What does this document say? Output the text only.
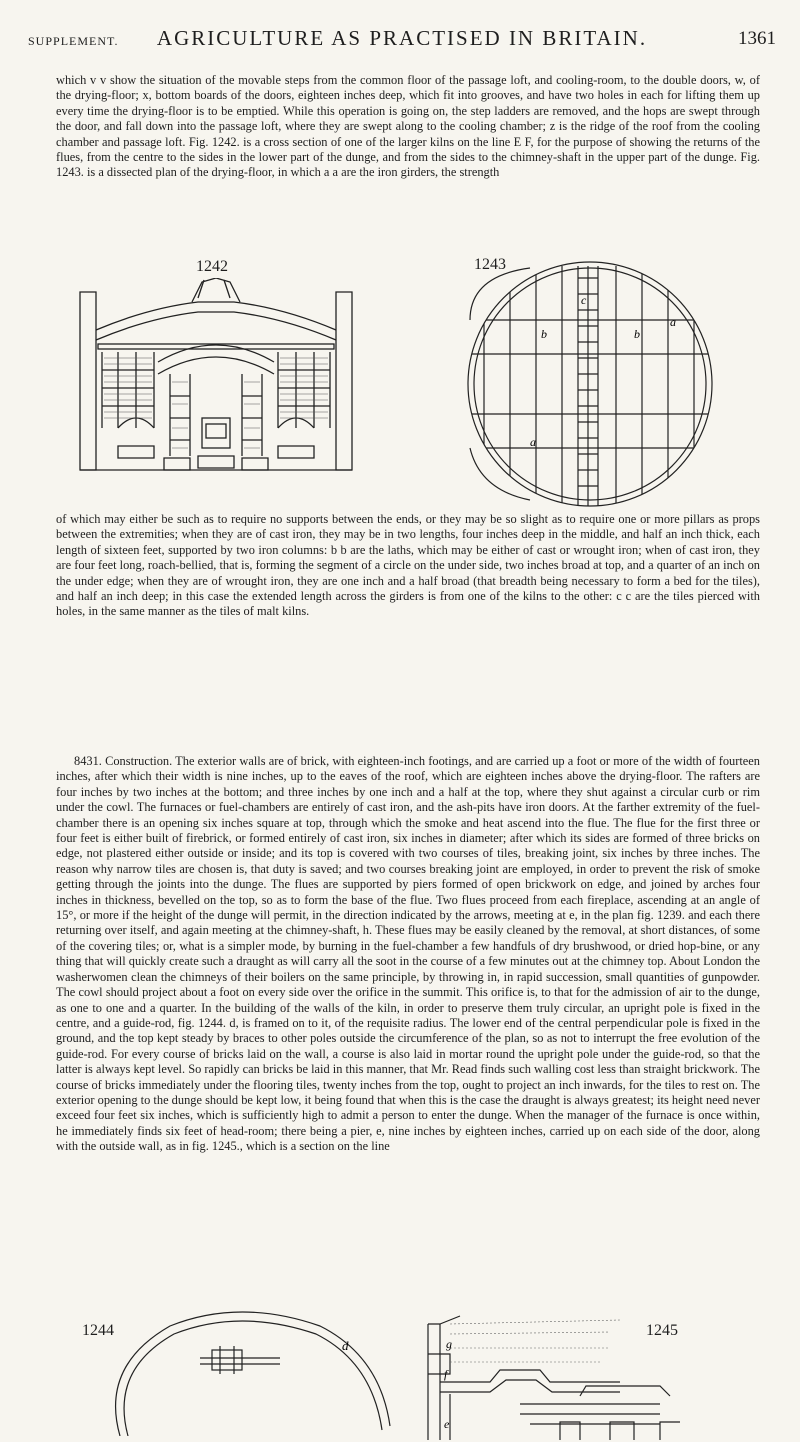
SUPPLEMENT.	AGRICULTURE AS PRACTISED IN BRITAIN.	1361

which v v show the situation of the movable steps from the common floor of the passage loft, and cooling-room, to the double doors, w, of the drying-floor; x, bottom boards of the doors, eighteen inches deep, which fit into grooves, and have two holes in each for lifting them up every time the drying-floor is to be emptied. While this operation is going on, the step ladders are removed, and the hops are swept through the door, and fall down into the passage loft, where they are swept along to the cooling chamber; z is the ridge of the roof from the cooling chamber and passage loft. Fig. 1242. is a cross section of one of the larger kilns on the line E F, for the purpose of showing the returns of the flues, from the centre to the sides in the lower part of the dunge, and from the sides to the chimney-shaft in the upper part of the dunge. Fig. 1243. is a dissected plan of the drying-floor, in which a a are the iron girders, the strength

1242	1243
c
b	b
a
a

of which may either be such as to require no supports between the ends, or they may be so slight as to require one or more pillars as props between the extremities; when they are of cast iron, they may be in two lengths, four inches deep in the middle, and half an inch thick, each length of sixteen feet, supported by two iron columns: b b are the laths, which may be either of cast or wrought iron; when of cast iron, they are four feet long, roach-bellied, that is, forming the segment of a circle on the under side, two inches broad at top, and a quarter of an inch on the under edge; when they are of wrought iron, they are one inch and a half broad (that breadth being necessary to form a bed for the tiles), and half an inch deep; in this case the extended length across the girders is from one of the kilns to the other: c c are the tiles pierced with holes, in the same manner as the tiles of malt kilns.

8431. Construction. The exterior walls are of brick, with eighteen-inch footings, and are carried up a foot or more of the width of fourteen inches, after which their width is nine inches, up to the eaves of the roof, which are eighteen inches above the drying-floor. The rafters are four inches by two inches at the bottom; and three inches by one inch and a half at the top, where they shut against a circular curb or rim under the cowl. The furnaces or fuel-chambers are entirely of cast iron, and the ash-pits have iron doors. At the farther extremity of the fuel-chamber there is an opening six inches square at top, through which the smoke and heat ascend into the flue. The flue for the first three or four feet is either built of firebrick, or formed entirely of cast iron, six inches in diameter; after which its sides are formed of three bricks on edge, not plastered either outside or inside; and its top is covered with two courses of tiles, breaking joint, six inches by three inches. The reason why narrow tiles are chosen is, that duty is saved; and two courses breaking joint are employed, in order to prevent the risk of smoke getting through the joints into the dunge. The flues are supported by piers formed of open brickwork on edge, and joined by arches four inches in thickness, bevelled on the top, so as to form the base of the flue. Two flues proceed from each fireplace, ascending at an angle of 15°, or more if the height of the dunge will permit, in the direction indicated by the arrows, meeting at e, in the plan fig. 1239. and each there returning over itself, and again meeting at the chimney-shaft, h. These flues may be easily cleaned by the removal, at short distances, of some of the covering tiles; or, what is a simpler mode, by burning in the fuel-chamber a few handfuls of dry brushwood, or dried hop-bine, or any thing that will quickly create such a draught as will carry all the soot in the course of a few minutes out at the chimney top. About London the washerwomen clean the chimneys of their boilers on the same principle, by throwing in, in rapid succession, small quantities of gunpowder. The cowl should project about a foot on every side over the orifice in the summit. This orifice is, to that for the admission of air to the dunge, as one to one and a quarter. In the building of the walls of the kiln, in order to preserve them truly circular, an upright pole is fixed in the centre, and a guide-rod, fig. 1244. d, is framed on to it, of the requisite radius. The lower end of the central perpendicular pole is fixed in the ground, and the top kept steady by braces to other poles outside the circumference of the plan, so as not to interrupt the free evolution of the guide-rod. For every course of bricks laid on the wall, a course is also laid in mortar round the upright pole under the guide-rod, so that the latter is always kept level. So rapidly can bricks be laid in this manner, that Mr. Read finds such walling cost less than straight brickwork. The course of bricks immediately under the flooring tiles, twenty inches from the top, ought to project an inch inwards, for the tiles to rest on. The exterior opening to the dunge should be kept low, it being found that when this is the case the draught is always greatest; its height need never exceed four feet six inches, which is sufficiently high to admit a person to enter the dunge. When the manager of the furnace is once within, he immediately finds six feet of head-room; there being a pier, e, nine inches by eighteen inches, carried up on each side of the door, along with the outside wall, as in fig. 1245., which is a section on the line

1244
d
1245
g
f
e
